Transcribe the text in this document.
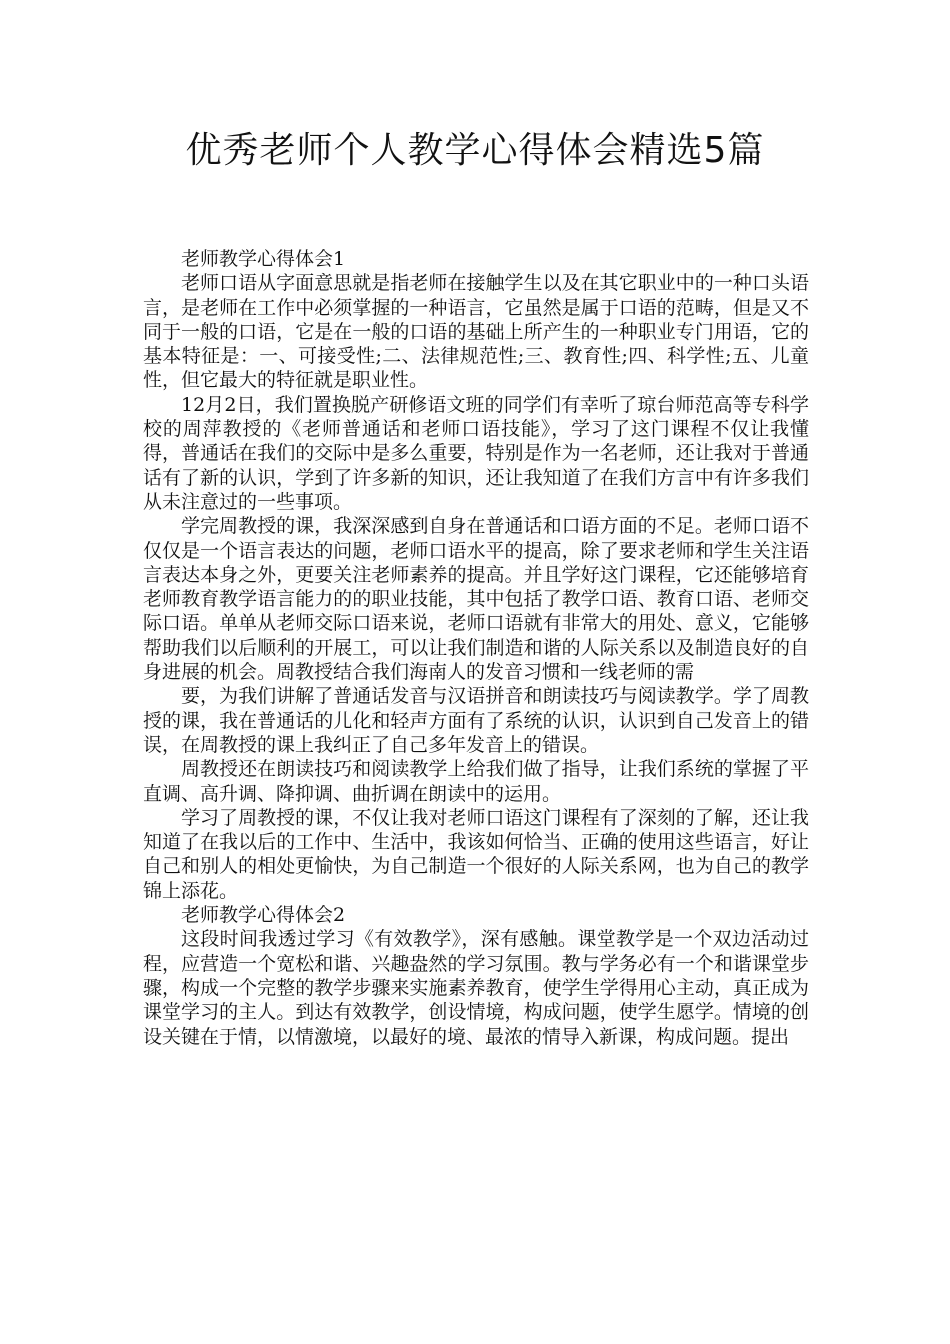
优秀老师个人教学心得体会精选5篇

老师教学心得体会1

老师口语从字面意思就是指老师在接触学生以及在其它职业中的一种口头语言，是老师在工作中必须掌握的一种语言，它虽然是属于口语的范畴，但是又不同于一般的口语，它是在一般的口语的基础上所产生的一种职业专门用语，它的基本特征是：一、可接受性;二、法律规范性;三、教育性;四、科学性;五、儿童性，但它最大的特征就是职业性。

12月2日，我们置换脱产研修语文班的同学们有幸听了琼台师范高等专科学校的周萍教授的《老师普通话和老师口语技能》，学习了这门课程不仅让我懂得，普通话在我们的交际中是多么重要，特别是作为一名老师，还让我对于普通话有了新的认识，学到了许多新的知识，还让我知道了在我们方言中有许多我们从未注意过的一些事项。

学完周教授的课，我深深感到自身在普通话和口语方面的不足。老师口语不仅仅是一个语言表达的问题，老师口语水平的提高，除了要求老师和学生关注语言表达本身之外，更要关注老师素养的提高。并且学好这门课程，它还能够培育老师教育教学语言能力的的职业技能，其中包括了教学口语、教育口语、老师交际口语。单单从老师交际口语来说，老师口语就有非常大的用处、意义，它能够帮助我们以后顺利的开展工，可以让我们制造和谐的人际关系以及制造良好的自身进展的机会。周教授结合我们海南人的发音习惯和一线老师的需

要，为我们讲解了普通话发音与汉语拼音和朗读技巧与阅读教学。学了周教授的课，我在普通话的儿化和轻声方面有了系统的认识，认识到自己发音上的错误，在周教授的课上我纠正了自己多年发音上的错误。

周教授还在朗读技巧和阅读教学上给我们做了指导，让我们系统的掌握了平直调、高升调、降抑调、曲折调在朗读中的运用。

学习了周教授的课，不仅让我对老师口语这门课程有了深刻的了解，还让我知道了在我以后的工作中、生活中，我该如何恰当、正确的使用这些语言，好让自己和别人的相处更愉快，为自己制造一个很好的人际关系网，也为自己的教学锦上添花。

老师教学心得体会2

这段时间我透过学习《有效教学》，深有感触。课堂教学是一个双边活动过程，应营造一个宽松和谐、兴趣盎然的学习氛围。教与学务必有一个和谐课堂步骤，构成一个完整的教学步骤来实施素养教育，使学生学得用心主动，真正成为课堂学习的主人。到达有效教学，创设情境，构成问题，使学生愿学。情境的创设关键在于情，以情激境，以最好的境、最浓的情导入新课，构成问题。提出
